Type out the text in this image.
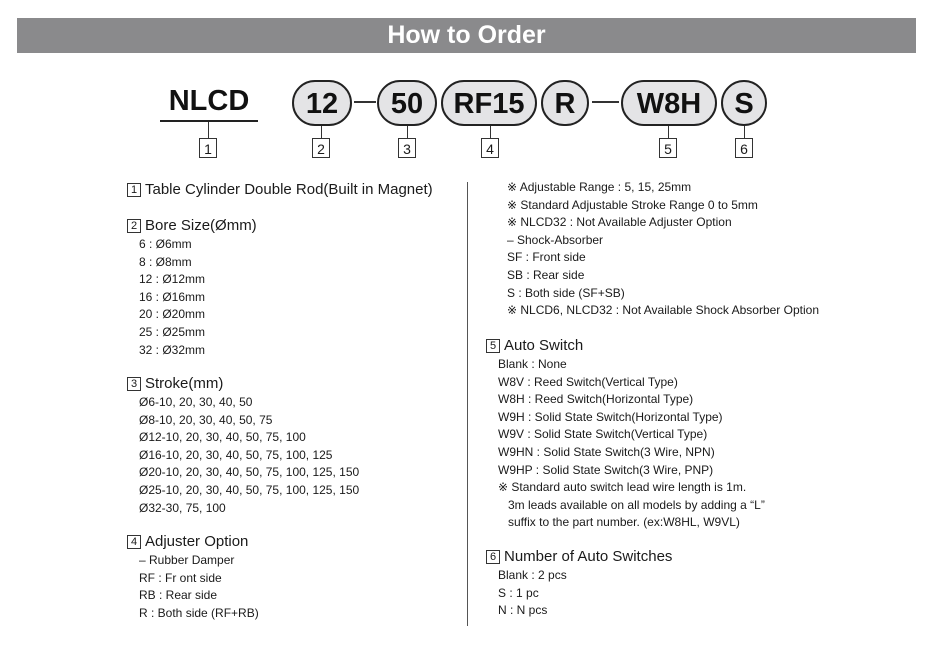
How to Order
NLCD	12	50	RF15	R	W8H	S
1	2	3	4	5	6
1 Table Cylinder Double Rod(Built in Magnet)
2 Bore Size(Ømm)
6 : Ø6mm
8 : Ø8mm
12 : Ø12mm
16 : Ø16mm
20 : Ø20mm
25 : Ø25mm
32 : Ø32mm
3 Stroke(mm)
Ø6-10, 20, 30, 40, 50
Ø8-10, 20, 30, 40, 50, 75
Ø12-10, 20, 30, 40, 50, 75, 100
Ø16-10, 20, 30, 40, 50, 75, 100, 125
Ø20-10, 20, 30, 40, 50, 75, 100, 125, 150
Ø25-10, 20, 30, 40, 50, 75, 100, 125, 150
Ø32-30, 75, 100
4 Adjuster Option
– Rubber Damper
RF : Fr ont side
RB : Rear side
R : Both side (RF+RB)
※ Adjustable Range : 5, 15, 25mm
※ Standard Adjustable Stroke Range 0 to 5mm
※ NLCD32 : Not Available Adjuster Option
– Shock-Absorber
SF : Front side
SB : Rear side
S : Both side (SF+SB)
※ NLCD6, NLCD32 : Not Available Shock Absorber Option
5 Auto Switch
Blank : None
W8V : Reed Switch(Vertical Type)
W8H : Reed Switch(Horizontal Type)
W9H : Solid State Switch(Horizontal Type)
W9V : Solid State Switch(Vertical Type)
W9HN : Solid State Switch(3 Wire, NPN)
W9HP : Solid State Switch(3 Wire, PNP)
※ Standard auto switch lead wire length is 1m.
3m leads available on all models by adding a “L”
suffix to the part number. (ex:W8HL, W9VL)
6 Number of Auto Switches
Blank : 2 pcs
S : 1 pc
N : N pcs
